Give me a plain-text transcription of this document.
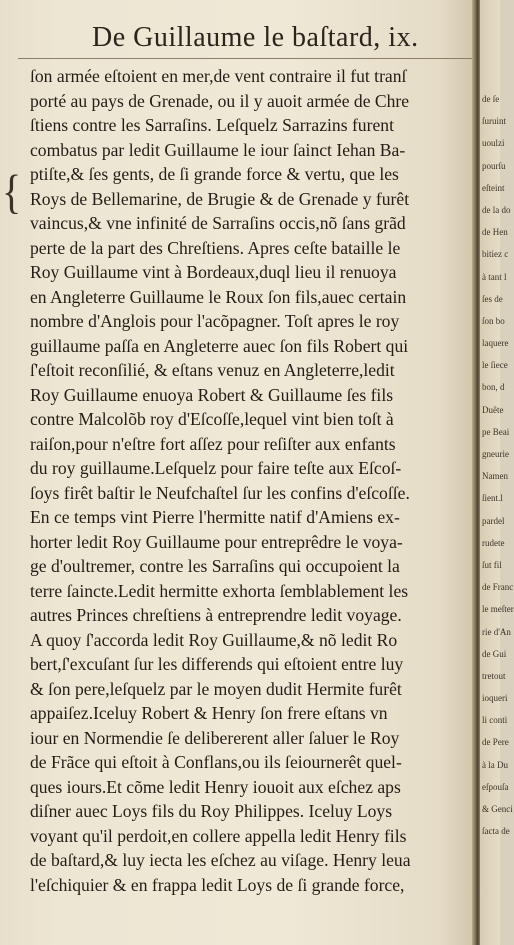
De Guillaume le baſtard, ix.
{
ſon armée eſtoient en mer,de vent contraire il fut tranſ
porté au pays de Grenade, ou il y auoit armée de Chre
ſtiens contre les Sarraſins. Leſquelz Sarrazins furent
combatus par ledit Guillaume le iour ſainct Iehan Ba-
ptiſte,& ſes gents, de ſi grande force & vertu, que les
Roys de Bellemarine, de Brugie & de Grenade y furêt
vaincus,& vne infinité de Sarraſins occis,nõ ſans grãd
perte de la part des Chreſtiens. Apres ceſte bataille le
Roy Guillaume vint à Bordeaux,duql lieu il renuoya
en Angleterre Guillaume le Roux ſon fils,auec certain
nombre d'Anglois pour l'acõpagner. Toſt apres le roy
guillaume paſſa en Angleterre auec ſon fils Robert qui
ſ'eſtoit reconſilié, & eſtans venuz en Angleterre,ledit
Roy Guillaume enuoya Robert & Guillaume ſes fils
contre Malcolõb roy d'Eſcoſſe,lequel vint bien toſt à
raiſon,pour n'eſtre fort aſſez pour reſiſter aux enfants
du roy guillaume.Leſquelz pour faire teſte aux Eſcoſ-
ſoys firêt baſtir le Neufchaſtel ſur les confins d'eſcoſſe.
En ce temps vint Pierre l'hermitte natif d'Amiens ex-
horter ledit Roy Guillaume pour entreprêdre le voya-
ge d'oultremer, contre les Sarraſins qui occupoient la
terre ſaincte.Ledit hermitte exhorta ſemblablement les
autres Princes chreſtiens à entreprendre ledit voyage.
A quoy ſ'accorda ledit Roy Guillaume,& nõ ledit Ro
bert,ſ'excuſant ſur les differends qui eſtoient entre luy
& ſon pere,leſquelz par le moyen dudit Hermite furêt
appaiſez.Iceluy Robert & Henry ſon frere eſtans vn
iour en Normendie ſe delibererent aller ſaluer le Roy
de Frãce qui eſtoit à Conflans,ou ils ſeiournerêt quel-
ques iours.Et cõme ledit Henry iouoit aux eſchez aps
diſner auec Loys fils du Roy Philippes. Iceluy Loys
voyant qu'il perdoit,en collere appella ledit Henry fils
de baſtard,& luy iecta les eſchez au viſage. Henry leua
l'eſchiquier & en frappa ledit Loys de ſi grande force,
de ſe
ſuruint
uoulzi
pourſu
eſteint
de la do
de Hen
bitiez c
à tant l
ſes de
ſon bo
laquere
le ſiece
bon, d
Duête
pe Beai
gneurie
Namen
ſient.l
pardel
rudete
ſut fil
de Franc
le meſter
rie d'An
de Gui
tretout
ioqueri
li conti
de Pere
à la Du
eſpouſa
& Genci
ſacta de
